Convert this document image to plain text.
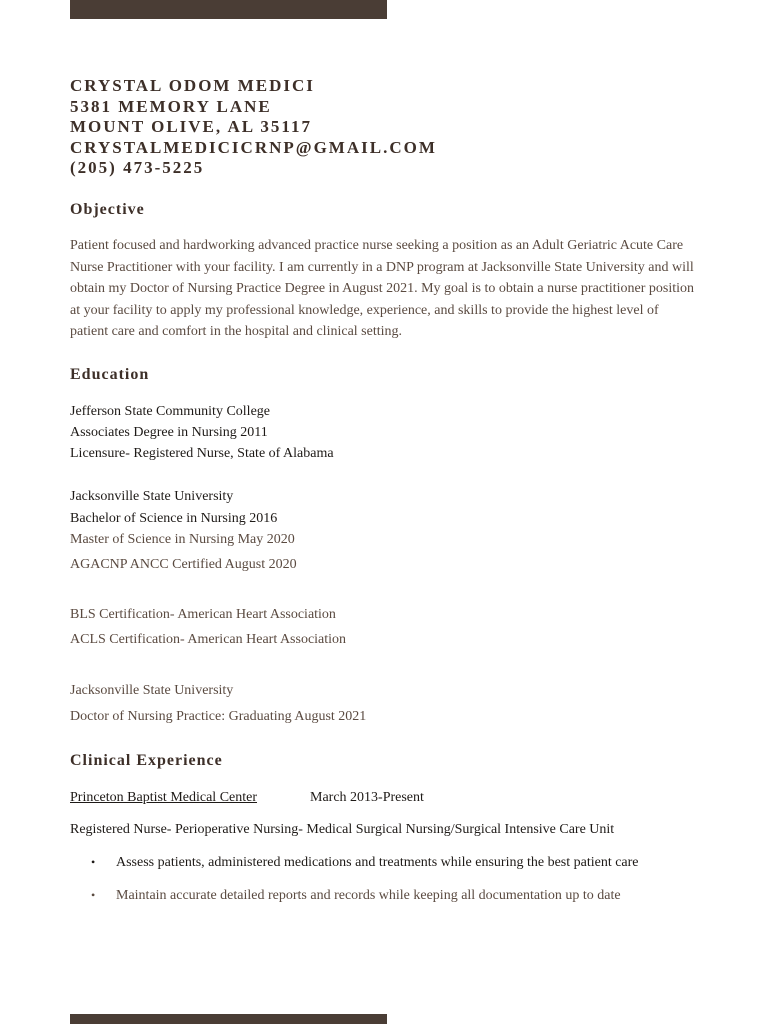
CRYSTAL ODOM MEDICI
5381 MEMORY LANE
MOUNT OLIVE, AL 35117
CRYSTALMEDICICRNP@GMAIL.COM
(205) 473-5225
Objective
Patient focused and hardworking advanced practice nurse seeking a position as an Adult Geriatric Acute Care Nurse Practitioner with your facility. I am currently in a DNP program at Jacksonville State University and will obtain my Doctor of Nursing Practice Degree in August 2021. My goal is to obtain a nurse practitioner position at your facility to apply my professional knowledge, experience, and skills to provide the highest level of patient care and comfort in the hospital and clinical setting.
Education
Jefferson State Community College
Associates Degree in Nursing 2011
Licensure- Registered Nurse, State of Alabama
Jacksonville State University
Bachelor of Science in Nursing 2016
Master of Science in Nursing May 2020
AGACNP ANCC Certified August 2020
BLS Certification- American Heart Association
ACLS Certification- American Heart Association
Jacksonville State University
Doctor of Nursing Practice: Graduating August 2021
Clinical Experience
Princeton Baptist Medical Center	March 2013-Present
Registered Nurse- Perioperative Nursing- Medical Surgical Nursing/Surgical Intensive Care Unit
• Assess patients, administered medications and treatments while ensuring the best patient care
• Maintain accurate detailed reports and records while keeping all documentation up to date
